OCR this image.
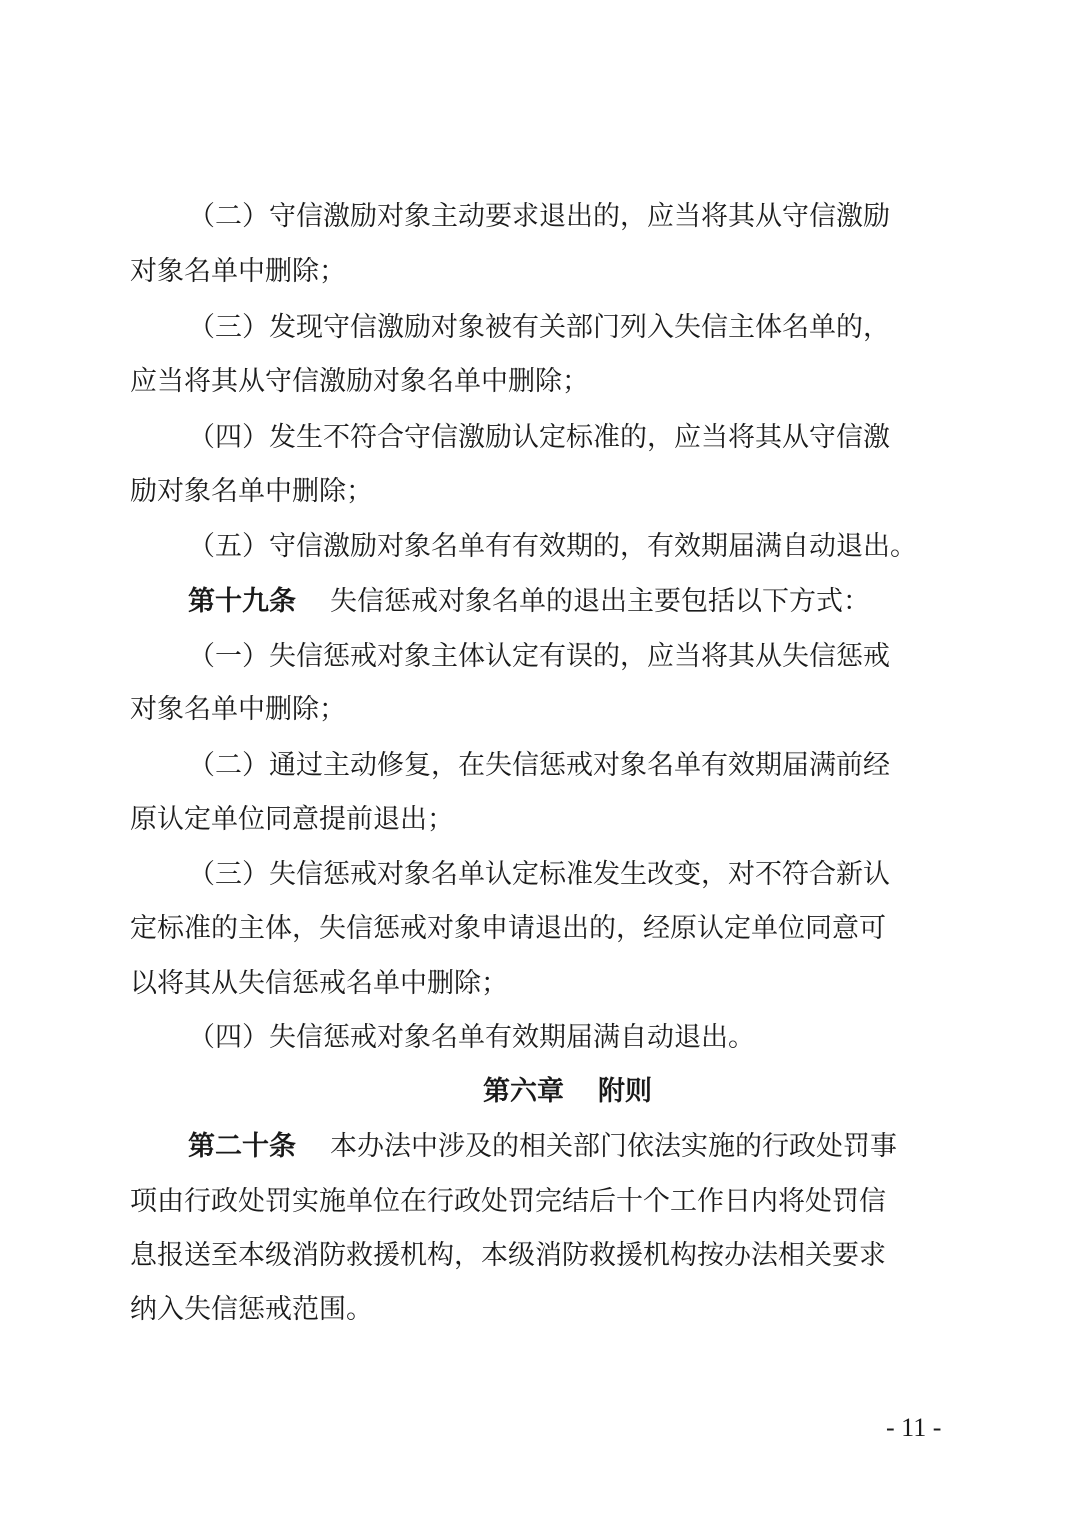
（二）守信激励对象主动要求退出的，应当将其从守信激励
对象名单中删除；
（三）发现守信激励对象被有关部门列入失信主体名单的，
应当将其从守信激励对象名单中删除；
（四）发生不符合守信激励认定标准的，应当将其从守信激
励对象名单中删除；
（五）守信激励对象名单有有效期的，有效期届满自动退出。
第十九条 失信惩戒对象名单的退出主要包括以下方式：
（一）失信惩戒对象主体认定有误的，应当将其从失信惩戒
对象名单中删除；
（二）通过主动修复，在失信惩戒对象名单有效期届满前经
原认定单位同意提前退出；
（三）失信惩戒对象名单认定标准发生改变，对不符合新认
定标准的主体，失信惩戒对象申请退出的，经原认定单位同意可
以将其从失信惩戒名单中删除；
（四）失信惩戒对象名单有效期届满自动退出。
第六章 附则
第二十条 本办法中涉及的相关部门依法实施的行政处罚事
项由行政处罚实施单位在行政处罚完结后十个工作日内将处罚信
息报送至本级消防救援机构，本级消防救援机构按办法相关要求
纳入失信惩戒范围。
- 11 -
